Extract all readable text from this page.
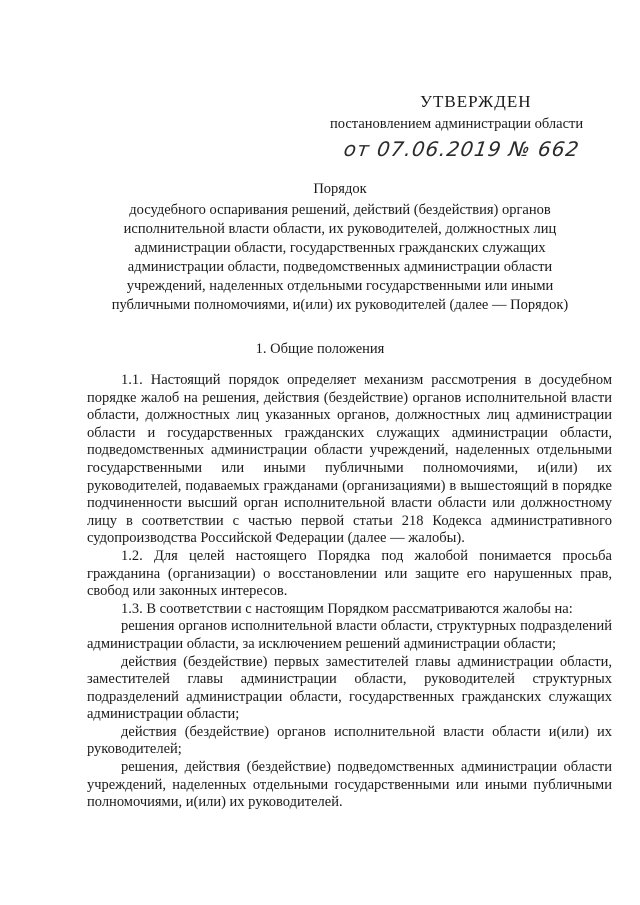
УТВЕРЖДЕН
постановлением администрации области
от 07.06.2019 № 662
Порядок
досудебного оспаривания решений, действий (бездействия) органов
исполнительной власти области, их руководителей, должностных лиц
администрации области, государственных гражданских служащих
администрации области, подведомственных администрации области
учреждений, наделенных отдельными государственными или иными
публичными полномочиями, и(или) их руководителей (далее — Порядок)
1. Общие положения

1.1. Настоящий порядок определяет механизм рассмотрения в досудебном порядке жалоб на решения, действия (бездействие) органов исполнительной власти области, должностных лиц указанных органов, должностных лиц администрации области и государственных гражданских служащих администрации области, подведомственных администрации области учреждений, наделенных отдельными государственными или иными публичными полномочиями, и(или) их руководителей, подаваемых гражданами (организациями) в вышестоящий в порядке подчиненности высший орган исполнительной власти области или должностному лицу в соответствии с частью первой статьи 218 Кодекса административного судопроизводства Российской Федерации (далее — жалобы).

1.2. Для целей настоящего Порядка под жалобой понимается просьба гражданина (организации) о восстановлении или защите его нарушенных прав, свобод или законных интересов.

1.3. В соответствии с настоящим Порядком рассматриваются жалобы на:

решения органов исполнительной власти области, структурных подразделений администрации области, за исключением решений администрации области;

действия (бездействие) первых заместителей главы администрации области, заместителей главы администрации области, руководителей структурных подразделений администрации области, государственных гражданских служащих администрации области;

действия (бездействие) органов исполнительной власти области и(или) их руководителей;

решения, действия (бездействие) подведомственных администрации области учреждений, наделенных отдельными государственными или иными публичными полномочиями, и(или) их руководителей.
